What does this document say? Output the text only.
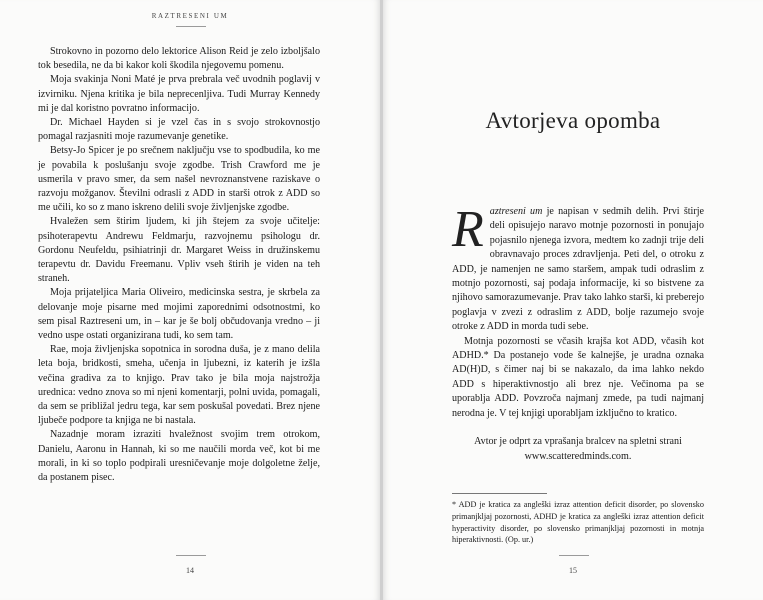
RAZTRESENI UM

Strokovno in pozorno delo lektorice Alison Reid je zelo izboljšalo tok besedila, ne da bi kakor koli škodila njegovemu pomenu.

Moja svakinja Noni Maté je prva prebrala več uvodnih poglavij v izvirniku. Njena kritika je bila neprecenljiva. Tudi Murray Kennedy mi je dal koristno povratno informacijo.

Dr. Michael Hayden si je vzel čas in s svojo strokovnostjo pomagal razjasniti moje razumevanje genetike.

Betsy-Jo Spicer je po srečnem naključju vse to spodbudila, ko me je povabila k poslušanju svoje zgodbe. Trish Crawford me je usmerila v pravo smer, da sem našel nevroznanstvene raziskave o razvoju možganov. Številni odrasli z ADD in starši otrok z ADD so me učili, ko so z mano iskreno delili svoje življenjske zgodbe.

Hvaležen sem štirim ljudem, ki jih štejem za svoje učitelje: psihoterapevtu Andrewu Feldmarju, razvojnemu psihologu dr. Gordonu Neufeldu, psihiatrinji dr. Margaret Weiss in družinskemu terapevtu dr. Davidu Freemanu. Vpliv vseh štirih je viden na teh straneh.

Moja prijateljica Maria Oliveiro, medicinska sestra, je skrbela za delovanje moje pisarne med mojimi zaporednimi odsotnostmi, ko sem pisal Raztreseni um, in – kar je še bolj občudovanja vredno – ji vedno uspe ostati organizirana tudi, ko sem tam.

Rae, moja življenjska sopotnica in sorodna duša, je z mano delila leta boja, bridkosti, smeha, učenja in ljubezni, iz katerih je izšla večina gradiva za to knjigo. Prav tako je bila moja najstrožja urednica: vedno znova so mi njeni komentarji, polni uvida, pomagali, da sem se približal jedru tega, kar sem poskušal povedati. Brez njene ljubeče podpore ta knjiga ne bi nastala.

Nazadnje moram izraziti hvaležnost svojim trem otrokom, Danielu, Aaronu in Hannah, ki so me naučili morda več, kot bi me morali, in ki so toplo podpirali uresničevanje moje dolgoletne želje, da postanem pisec.

14
Avtorjeva opomba

Raztreseni um je napisan v sedmih delih. Prvi štirje deli opisujejo naravo motnje pozornosti in ponujajo pojasnilo njenega izvora, medtem ko zadnji trije deli obravnavajo proces zdravljenja. Peti del, o otroku z ADD, je namenjen ne samo staršem, ampak tudi odraslim z motnjo pozornosti, saj podaja informacije, ki so bistvene za njihovo samorazumevanje. Prav tako lahko starši, ki preberejo poglavja v zvezi z odraslim z ADD, bolje razumejo svoje otroke z ADD in morda tudi sebe.

Motnja pozornosti se včasih krajša kot ADD, včasih kot ADHD.* Da postanejo vode še kalnejše, je uradna oznaka AD(H)D, s čimer naj bi se nakazalo, da ima lahko nekdo ADD s hiperaktivnostjo ali brez nje. Večinoma pa se uporablja ADD. Povzroča najmanj zmede, pa tudi najmanj nerodna je. V tej knjigi uporabljam izključno to kratico.

Avtor je odprt za vprašanja bralcev na spletni strani
www.scatteredminds.com.

* ADD je kratica za angleški izraz attention deficit disorder, po slovensko primanjkljaj pozornosti, ADHD je kratica za angleški izraz attention deficit hyperactivity disorder, po slovensko primanjkljaj pozornosti in motnja hiperaktivnosti. (Op. ur.)

15
